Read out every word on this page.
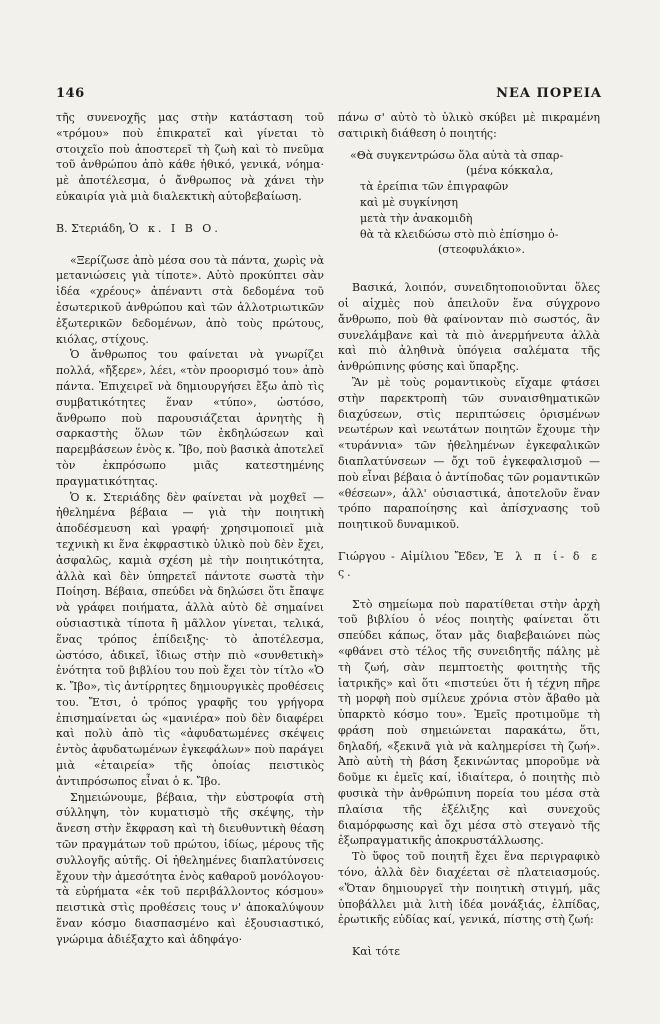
146	ΝΕΑ ΠΟΡΕΙΑ

τῆς συνενοχῆς μας στὴν κατάσταση τοῦ «τρόμου» ποὺ ἐπικρατεῖ καὶ γίνεται τὸ στοιχεῖο ποὺ ἀποστερεῖ τὴ ζωὴ καὶ τὸ πνεῦμα τοῦ ἀνθρώπου ἀπὸ κάθε ἠθικό, γενικά, νόημα· μὲ ἀποτέλεσμα, ὁ ἄνθρωπος νὰ χάνει τὴν εὐκαιρία γιὰ μιὰ διαλεκτικὴ αὐτοβεβαίωση.

Β. Στεριάδη, Ὁ κ. Ι Β Ο.

«Ξερίζωσε ἀπὸ μέσα σου τὰ πάντα, χωρὶς νὰ μετανιώσεις γιὰ τίποτε». Αὐτὸ προκύπτει σὰν ἰδέα «χρέους» ἀπέναντι στὰ δεδομένα τοῦ ἐσωτερικοῦ ἀνθρώπου καὶ τῶν ἀλλοτριωτικῶν ἐξωτερικῶν δεδομένων, ἀπὸ τοὺς πρώτους, κιόλας, στίχους.

Ὁ ἄνθρωπος του φαίνεται νὰ γνωρίζει πολλά, «ἤξερε», λέει, «τὸν προορισμό του» ἀπὸ πάντα. Ἐπιχειρεῖ νὰ δημιουργήσει ἔξω ἀπὸ τὶς συμβατικότητες ἕναν «τύπο», ὡστόσο, ἄνθρωπο ποὺ παρουσιάζεται ἀρνητὴς ἢ σαρκαστὴς ὅλων τῶν ἐκδηλώσεων καὶ παρεμβάσεων ἑνὸς κ. Ἴβο, ποὺ βασικὰ ἀποτελεῖ τὸν ἐκπρόσωπο μιᾶς κατεστημένης πραγματικότητας.

Ὁ κ. Στεριάδης δὲν φαίνεται νὰ μοχθεῖ — ἠθελημένα βέβαια — γιὰ τὴν ποιητικὴ ἀποδέσμευση καὶ γραφή· χρησιμοποιεῖ μιὰ τεχνικὴ κι ἕνα ἐκφραστικὸ ὑλικὸ ποὺ δὲν ἔχει, ἀσφαλῶς, καμιὰ σχέση μὲ τὴν ποιητικότητα, ἀλλὰ καὶ δὲν ὑπηρετεῖ πάντοτε σωστὰ τὴν Ποίηση. Βέβαια, σπεύδει νὰ δηλώσει ὅτι ἔπαψε νὰ γράφει ποιήματα, ἀλλὰ αὐτὸ δὲ σημαίνει οὐσιαστικὰ τίποτα ἢ μᾶλλον γίνεται, τελικά, ἕνας τρόπος ἐπίδειξης· τὸ ἀποτέλεσμα, ὡστόσο, ἀδικεῖ, ἴδιως στὴν πιὸ «συνθετικὴ» ἑνότητα τοῦ βιβλίου του ποὺ ἔχει τὸν τίτλο «Ὁ κ. Ἴβο», τὶς ἀντίρρητες δημιουργικὲς προθέσεις του. Ἔτσι, ὁ τρόπος γραφῆς του γρήγορα ἐπισημαίνεται ὡς «μανιέρα» ποὺ δὲν διαφέρει καὶ πολὺ ἀπὸ τὶς «ἀφυδατωμένες σκέψεις ἐντὸς ἀφυδατωμένων ἐγκεφάλων» ποὺ παράγει μιὰ «ἑταιρεία» τῆς ὁποίας πειστικὸς ἀντιπρόσωπος εἶναι ὁ κ. Ἴβο.

Σημειώνουμε, βέβαια, τὴν εὐστροφία στὴ σύλληψη, τὸν κυματισμὸ τῆς σκέψης, τὴν ἄνεση στὴν ἔκφραση καὶ τὴ διευθυντικὴ θέαση τῶν πραγμάτων τοῦ πρώτου, ἰδίως, μέρους τῆς συλλογῆς αὐτῆς. Οἱ ἠθελημένες διαπλατύνσεις ἔχουν τὴν ἀμεσότητα ἑνὸς καθαροῦ μονόλογου· τὰ εὑρήματα «ἐκ τοῦ περιβάλλοντος κόσμου» πειστικὰ στὶς προθέσεις τους ν' ἀποκαλύψουν ἕναν κόσμο διασπασμένο καὶ ἐξουσιαστικό, γνώριμα ἀδιέξαχτο καὶ ἀδηφάγο·

πάνω σ' αὐτὸ τὸ ὑλικὸ σκύβει μὲ πικραμένη σατιρικὴ διάθεση ὁ ποιητής:

«Θὰ συγκεντρώσω ὅλα αὐτὰ τὰ σπαρ-
(μένα κόκκαλα,
τὰ ἐρείπια τῶν ἐπιγραφῶν
καὶ μὲ συγκίνηση
μετὰ τὴν ἀνακομιδὴ
θὰ τὰ κλειδώσω στὸ πιὸ ἐπίσημο ὁ-
(στεοφυλάκιο».

Βασικά, λοιπόν, συνειδητοποιοῦνται ὅλες οἱ αἰχμὲς ποὺ ἀπειλοῦν ἕνα σύγχρονο ἄνθρωπο, ποὺ θὰ φαίνονταν πιὸ σωστός, ἂν συνελάμβανε καὶ τὰ πιὸ ἀνερμήνευτα ἀλλὰ καὶ πιὸ ἀληθινὰ ὑπόγεια σαλέματα τῆς ἀνθρώπινης φύσης καὶ ὕπαρξης.

Ἂν μὲ τοὺς ρομαντικοὺς εἴχαμε φτάσει στὴν παρεκτροπὴ τῶν συναισθηματικῶν διαχύσεων, στὶς περιπτώσεις ὁρισμένων νεωτέρων καὶ νεωτάτων ποιητῶν ἔχουμε τὴν «τυράννια» τῶν ἠθελημένων ἐγκεφαλικῶν διαπλατύνσεων — ὄχι τοῦ ἐγκεφαλισμοῦ — ποὺ εἶναι βέβαια ὁ ἀντίποδας τῶν ρομαντικῶν «θέσεων», ἀλλ' οὐσιαστικά, ἀποτελοῦν ἕναν τρόπο παραποίησης καὶ ἀπίσχνασης τοῦ ποιητικοῦ δυναμικοῦ.

Γιώργου - Αἰμίλιου Ἔδεν, Ἐ λ π ί- δ ε ς.

Στὸ σημείωμα ποὺ παρατίθεται στὴν ἀρχὴ τοῦ βιβλίου ὁ νέος ποιητὴς φαίνεται ὅτι σπεύδει κάπως, ὅταν μᾶς διαβεβαιώνει πὼς «φθάνει στὸ τέλος τῆς συνειδητῆς πάλης μὲ τὴ ζωή, σὰν πεμπτοετὴς φοιτητὴς τῆς ἰατρικῆς» καὶ ὅτι «πιστεύει ὅτι ἡ τέχνη πῆρε τὴ μορφὴ ποὺ σμίλευε χρόνια στὸν ἄβαθο μὰ ὑπαρκτὸ κόσμο του». Ἐμεῖς προτιμοῦμε τὴ φράση ποὺ σημειώνεται παρακάτω, ὅτι, δηλαδή, «ξεκινᾶ γιὰ νὰ καλημερίσει τὴ ζωή». Ἀπὸ αὐτὴ τὴ βάση ξεκινώντας μποροῦμε νὰ δοῦμε κι ἐμεῖς καί, ἰδιαίτερα, ὁ ποιητὴς πιὸ φυσικὰ τὴν ἀνθρώπινη πορεία του μέσα στὰ πλαίσια τῆς ἐξέλιξης καὶ συνεχοῦς διαμόρφωσης καὶ ὄχι μέσα στὸ στεγανὸ τῆς ἐξωπραγματικῆς ἀποκρυστάλλωσης.

Τὸ ὕφος τοῦ ποιητῆ ἔχει ἕνα περιγραφικὸ τόνο, ἀλλὰ δὲν διαχέεται σὲ πλατειασμούς. «Ὅταν δημιουργεῖ τὴν ποιητικὴ στιγμή, μᾶς ὑποβάλλει μιὰ λιτὴ ἰδέα μονάξιάς, ἐλπίδας, ἐρωτικῆς εὐδίας καί, γενικά, πίστης στὴ ζωή:

Καὶ τότε
